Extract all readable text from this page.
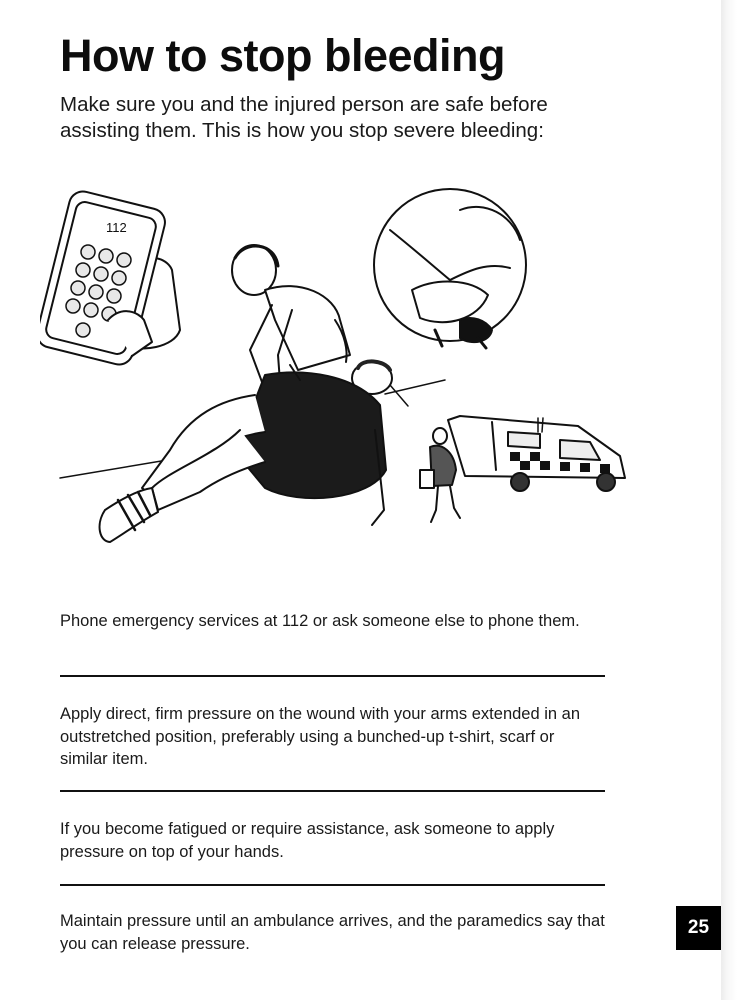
How to stop bleeding

Make sure you and the injured person are safe before assisting them. This is how you stop severe bleeding:

112

Phone emergency services at 112 or ask someone else to phone them.

Apply direct, firm pressure on the wound with your arms extended in an outstretched position, preferably using a bunched-up t-shirt, scarf or similar item.

If you become fatigued or require assistance, ask someone to apply pressure on top of your hands.

Maintain pressure until an ambulance arrives, and the paramedics say that you can release pressure.

25
